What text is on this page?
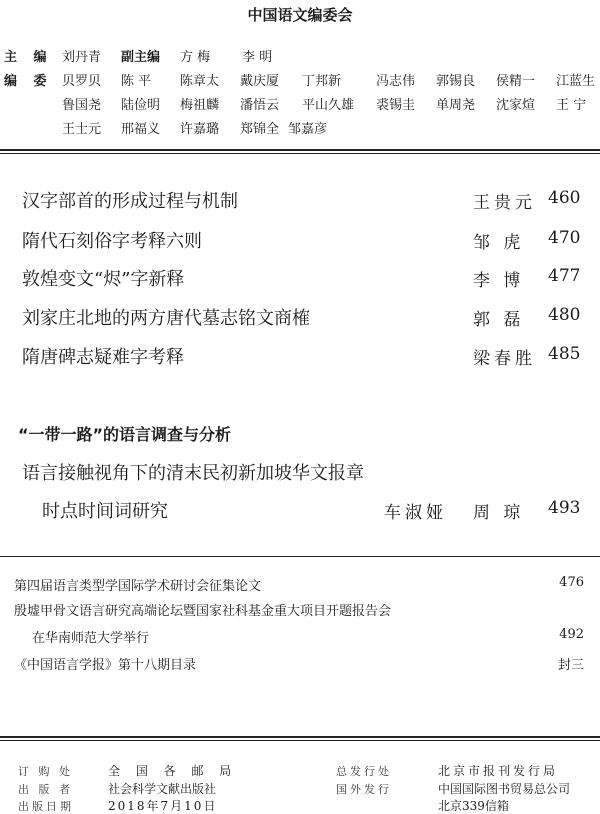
中国语文编委会
主 编 刘丹青 副主编 方 梅 李 明
编 委 贝罗贝 陈 平 陈章太 戴庆厦 丁邦新	冯志伟 郭锡良 侯精一 江蓝生
鲁国尧 陆俭明 梅祖麟 潘悟云 平山久雄 裘锡圭 单周尧 沈家煊 王 宁
王士元 邢福义 许嘉璐 郑锦全 邹嘉彦
汉字部首的形成过程与机制	王贵元 460
隋代石刻俗字考释六则	邹 虎 470
敦煌变文“烬”字新释	李 博 477
刘家庄北地的两方唐代墓志铭文商榷	郭 磊 480
隋唐碑志疑难字考释	梁春胜 485
“一带一路”的语言调查与分析
语言接触视角下的清末民初新加坡华文报章
时点时间词研究	车淑娅 周 琼 493
第四届语言类型学国际学术研讨会征集论文	476
殷墟甲骨文语言研究高端论坛暨国家社科基金重大项目开题报告会
在华南师范大学举行	492
《中国语言学报》第十八期目录	封三
订 购 处	全 国 各 邮 局
出 版 者	社会科学文献出版社
出版日期	2018年7月10日
总发行处	北京市报刊发行局
国外发行	中国国际图书贸易总公司
北京339信箱
